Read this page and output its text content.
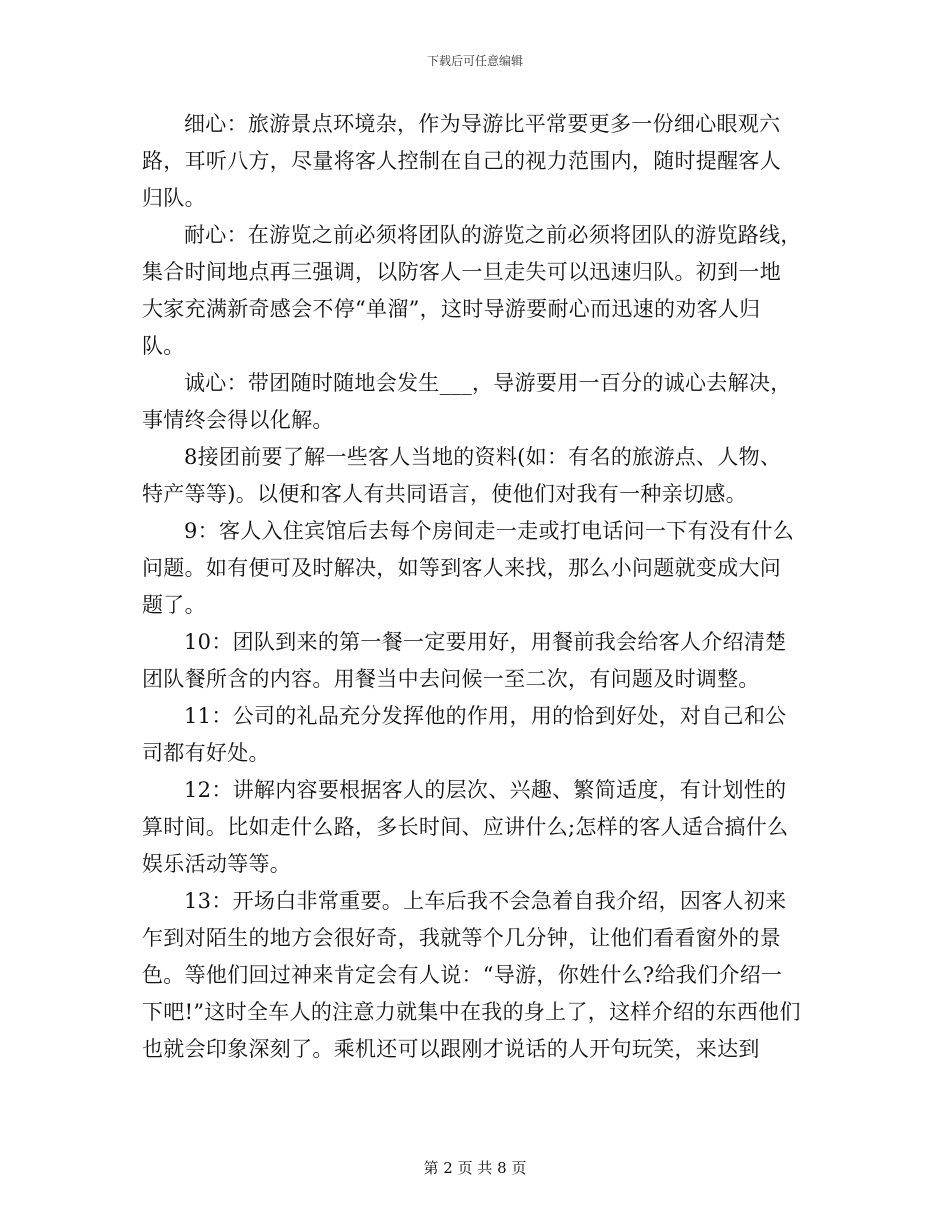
下载后可任意编辑

细心：旅游景点环境杂，作为导游比平常要更多一份细心眼观六路，耳听八方，尽量将客人控制在自己的视力范围内，随时提醒客人归队。

耐心：在游览之前必须将团队的游览之前必须将团队的游览路线，集合时间地点再三强调，以防客人一旦走失可以迅速归队。初到一地大家充满新奇感会不停“单溜”，这时导游要耐心而迅速的劝客人归队。

诚心：带团随时随地会发生___，导游要用一百分的诚心去解决，事情终会得以化解。

8接团前要了解一些客人当地的资料(如：有名的旅游点、人物、特产等等)。以便和客人有共同语言，使他们对我有一种亲切感。

9：客人入住宾馆后去每个房间走一走或打电话问一下有没有什么问题。如有便可及时解决，如等到客人来找，那么小问题就变成大问题了。

10：团队到来的第一餐一定要用好，用餐前我会给客人介绍清楚团队餐所含的内容。用餐当中去问候一至二次，有问题及时调整。

11：公司的礼品充分发挥他的作用，用的恰到好处，对自己和公司都有好处。

12：讲解内容要根据客人的层次、兴趣、繁简适度，有计划性的算时间。比如走什么路，多长时间、应讲什么;怎样的客人适合搞什么娱乐活动等等。

13：开场白非常重要。上车后我不会急着自我介绍，因客人初来乍到对陌生的地方会很好奇，我就等个几分钟，让他们看看窗外的景色。等他们回过神来肯定会有人说：“导游，你姓什么?给我们介绍一下吧!”这时全车人的注意力就集中在我的身上了，这样介绍的东西他们也就会印象深刻了。乘机还可以跟刚才说话的人开句玩笑，来达到

第 2 页 共 8 页
